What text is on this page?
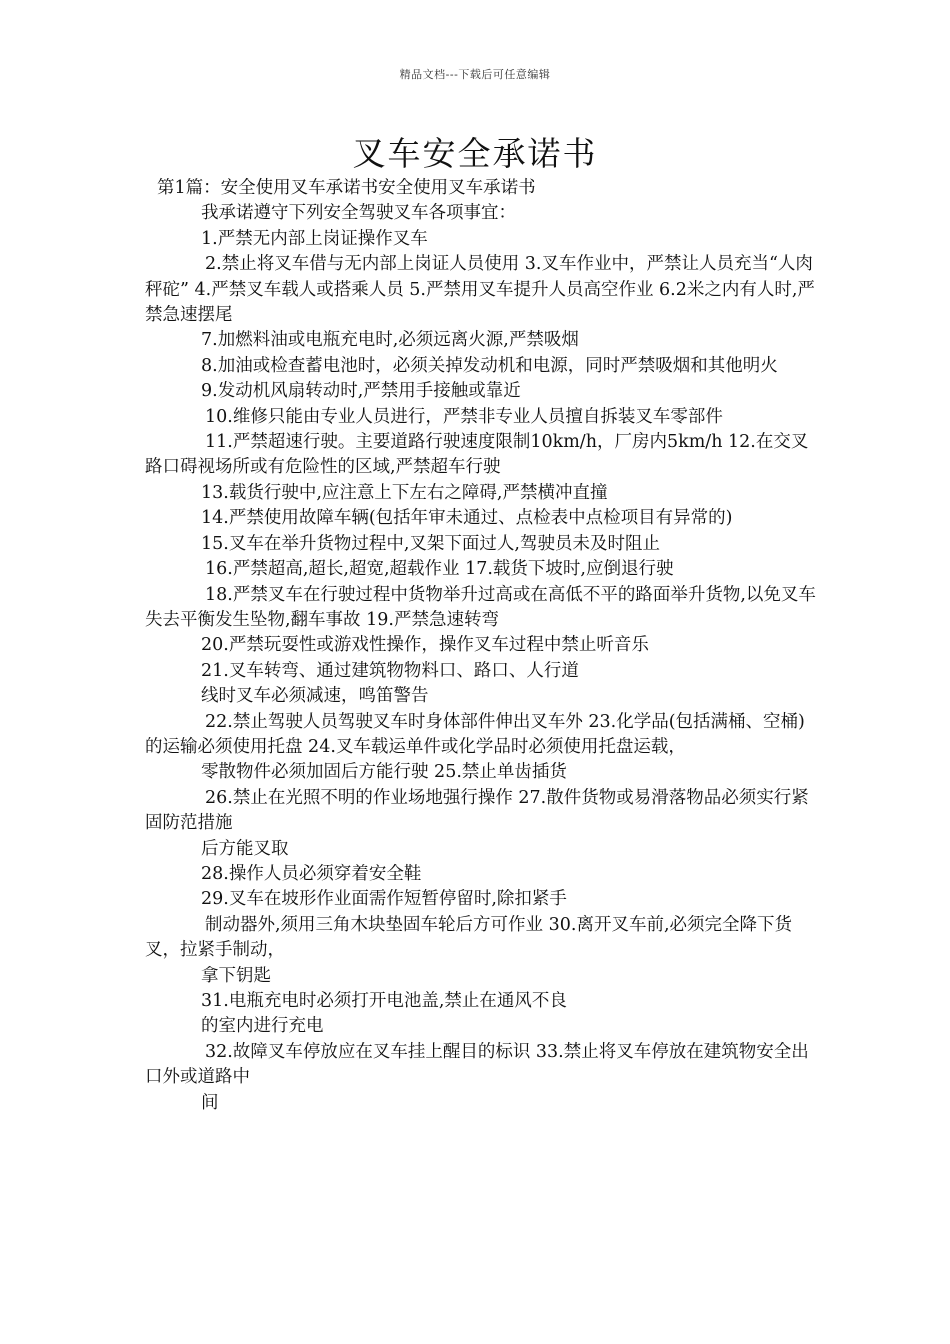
精品文档---下载后可任意编辑
叉车安全承诺书

第1篇：安全使用叉车承诺书安全使用叉车承诺书

我承诺遵守下列安全驾驶叉车各项事宜：

1.严禁无内部上岗证操作叉车

2.禁止将叉车借与无内部上岗证人员使用 3.叉车作业中，严禁让人员充当“人肉秤砣” 4.严禁叉车载人或搭乘人员 5.严禁用叉车提升人员高空作业 6.2米之内有人时,严禁急速摆尾

7.加燃料油或电瓶充电时,必须远离火源,严禁吸烟

8.加油或检查蓄电池时，必须关掉发动机和电源，同时严禁吸烟和其他明火

9.发动机风扇转动时,严禁用手接触或靠近

10.维修只能由专业人员进行，严禁非专业人员擅自拆装叉车零部件

11.严禁超速行驶。主要道路行驶速度限制10km/h，厂房内5km/h 12.在交叉路口碍视场所或有危险性的区域,严禁超车行驶

13.载货行驶中,应注意上下左右之障碍,严禁横冲直撞

14.严禁使用故障车辆(包括年审未通过、点检表中点检项目有异常的)

15.叉车在举升货物过程中,叉架下面过人,驾驶员未及时阻止

16.严禁超高,超长,超宽,超载作业 17.载货下坡时,应倒退行驶

18.严禁叉车在行驶过程中货物举升过高或在高低不平的路面举升货物,以免叉车失去平衡发生坠物,翻车事故 19.严禁急速转弯

20.严禁玩耍性或游戏性操作，操作叉车过程中禁止听音乐

21.叉车转弯、通过建筑物物料口、路口、人行道

线时叉车必须减速，鸣笛警告

22.禁止驾驶人员驾驶叉车时身体部件伸出叉车外 23.化学品(包括满桶、空桶)的运输必须使用托盘 24.叉车载运单件或化学品时必须使用托盘运载，

零散物件必须加固后方能行驶 25.禁止单齿插货

26.禁止在光照不明的作业场地强行操作 27.散件货物或易滑落物品必须实行紧固防范措施

后方能叉取

28.操作人员必须穿着安全鞋

29.叉车在坡形作业面需作短暂停留时,除扣紧手

制动器外,须用三角木块垫固车轮后方可作业 30.离开叉车前,必须完全降下货叉，拉紧手制动，

拿下钥匙

31.电瓶充电时必须打开电池盖,禁止在通风不良

的室内进行充电

32.故障叉车停放应在叉车挂上醒目的标识 33.禁止将叉车停放在建筑物安全出口外或道路中

间
